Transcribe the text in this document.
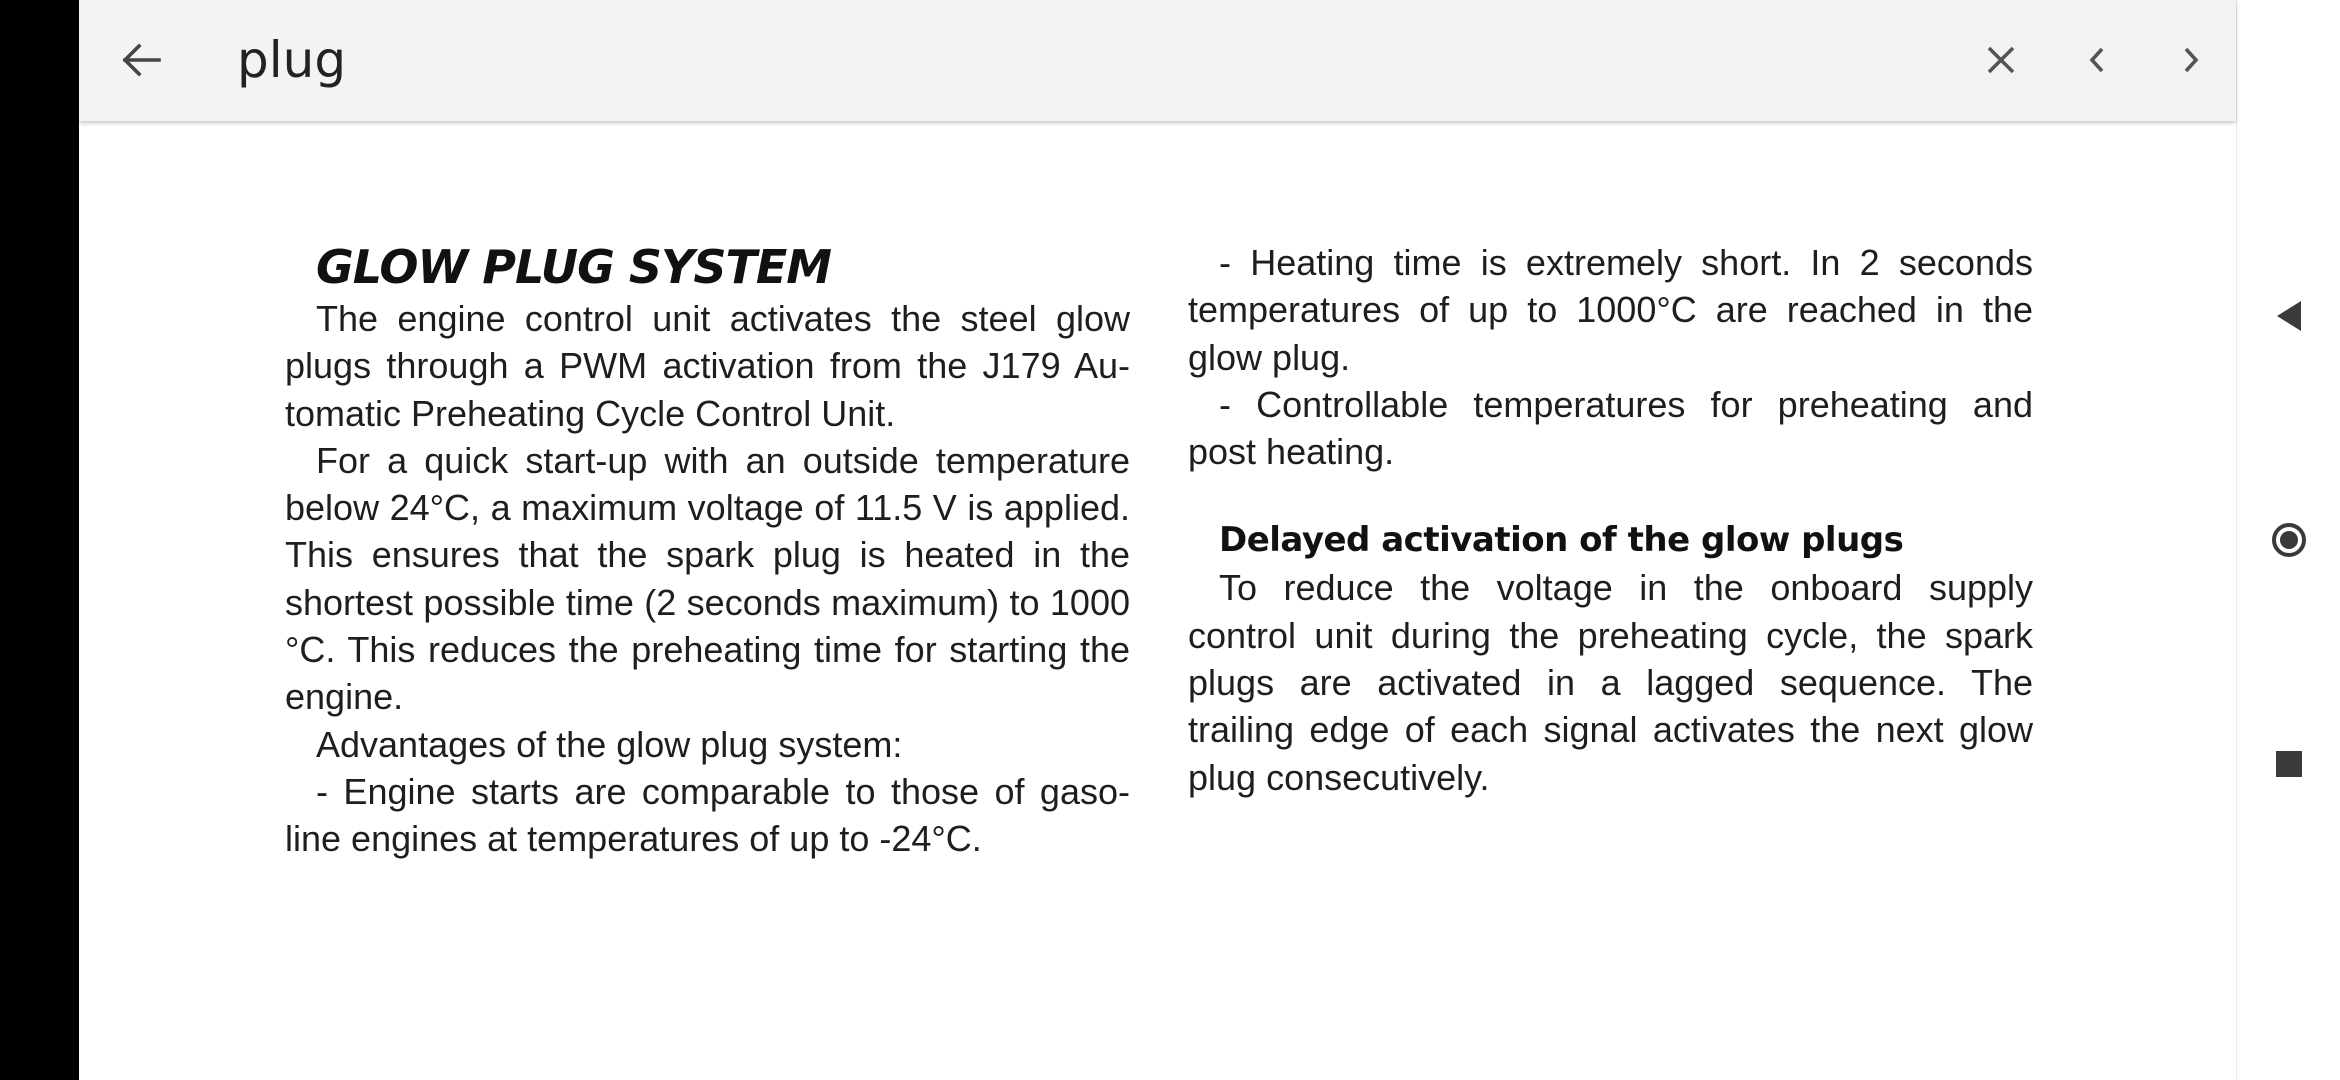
plug
GLOW PLUG SYSTEM

The engine control unit activates the steel glow plugs through a PWM activation from the J179 Automatic Preheating Cycle Control Unit.

For a quick start-up with an outside temperature below 24°C, a maximum voltage of 11.5 V is applied. This ensures that the spark plug is heated in the shortest possible time (2 seconds maximum) to 1000 °C. This reduces the preheating time for starting the engine.

Advantages of the glow plug system:

- Engine starts are comparable to those of gasoline engines at temperatures of up to -24°C.

- Heating time is extremely short. In 2 seconds temperatures of up to 1000°C are reached in the glow plug.

- Controllable temperatures for preheating and post heating.

Delayed activation of the glow plugs

To reduce the voltage in the onboard supply control unit during the preheating cycle, the spark plugs are activated in a lagged sequence. The trailing edge of each signal activates the next glow plug consecutively.
